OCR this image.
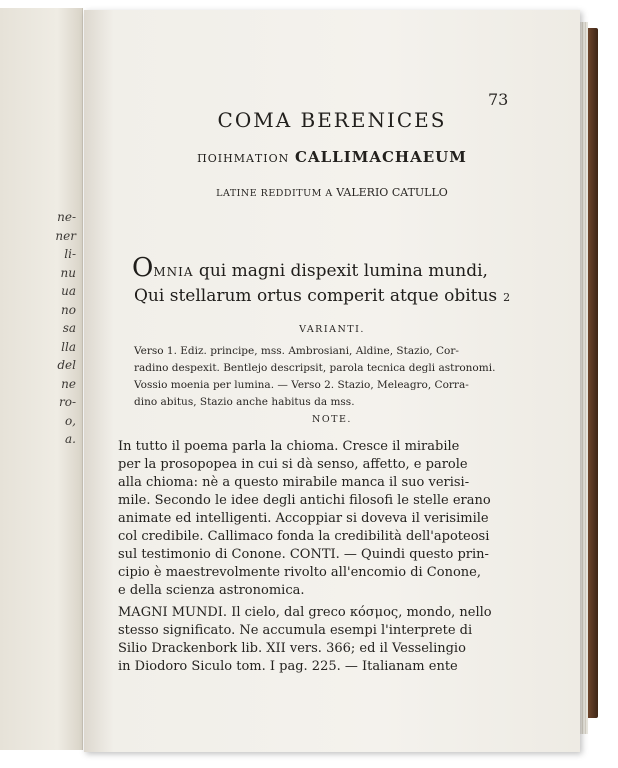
ne-
ner
li-
nu
ua
no
sa
lla
del
ne
ro-
o,
a.
73
COMA BERENICES
ΠΟΙΗΜΑΤΙΟΝ CALLIMACHAEUM
LATINE REDDITUM A VALERIO CATULLO
OMNIA qui magni dispexit lumina mundi,
Qui stellarum ortus comperit atque obitus 2
VARIANTI.
Verso 1. Ediz. principe, mss. Ambrosiani, Aldine, Stazio, Cor-
radino despexit. Bentlejo descripsit, parola tecnica degli astronomi.
Vossio moenia per lumina. — Verso 2. Stazio, Meleagro, Corra-
dino abitus, Stazio anche habitus da mss.
NOTE.
In tutto il poema parla la chioma. Cresce il mirabile
per la prosopopea in cui si dà senso, affetto, e parole
alla chioma: nè a questo mirabile manca il suo verisi-
mile. Secondo le idee degli antichi filosofi le stelle erano
animate ed intelligenti. Accoppiar si doveva il verisimile
col credibile. Callimaco fonda la credibilità dell'apoteosi
sul testimonio di Conone. CONTI. — Quindi questo prin-
cipio è maestrevolmente rivolto all'encomio di Conone,
e della scienza astronomica.
MAGNI MUNDI. Il cielo, dal greco κόσμος, mondo, nello
stesso significato. Ne accumula esempi l'interprete di
Silio Drackenbork lib. XII vers. 366; ed il Vesselingio
in Diodoro Siculo tom. I pag. 225. — Italianam ente
